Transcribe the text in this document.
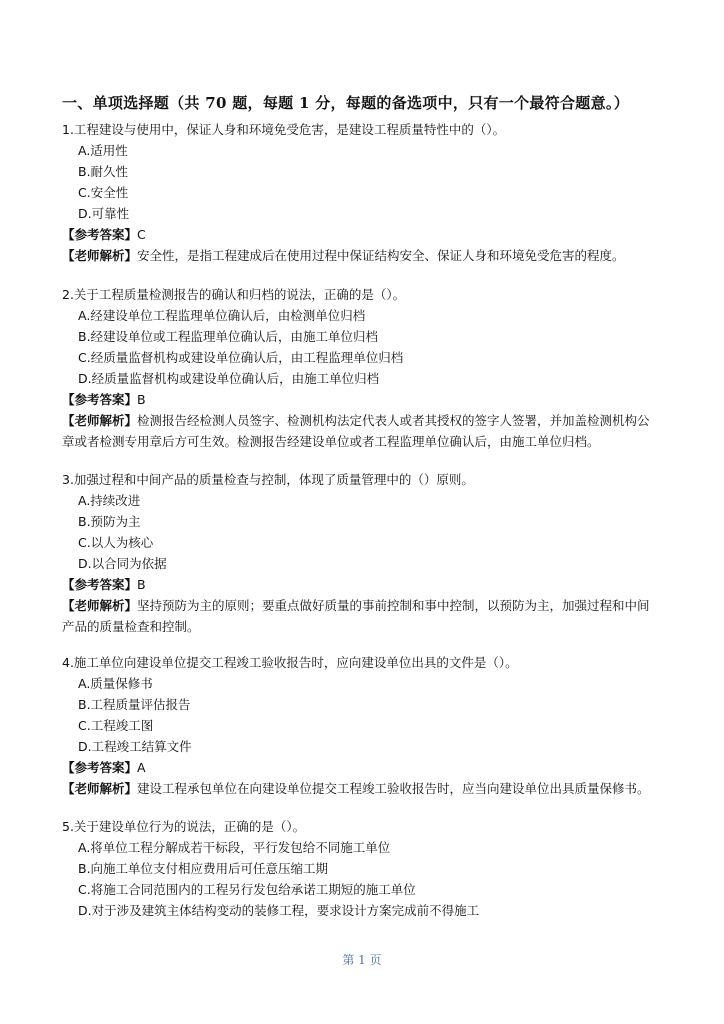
一、单项选择题（共 70 题，每题 1 分，每题的备选项中，只有一个最符合题意。）
1.工程建设与使用中，保证人身和环境免受危害，是建设工程质量特性中的（）。
A.适用性
B.耐久性
C.安全性
D.可靠性
【参考答案】C
【老师解析】安全性，是指工程建成后在使用过程中保证结构安全、保证人身和环境免受危害的程度。
2.关于工程质量检测报告的确认和归档的说法，正确的是（）。
A.经建设单位工程监理单位确认后，由检测单位归档
B.经建设单位或工程监理单位确认后，由施工单位归档
C.经质量监督机构或建设单位确认后，由工程监理单位归档
D.经质量监督机构或建设单位确认后，由施工单位归档
【参考答案】B
【老师解析】检测报告经检测人员签字、检测机构法定代表人或者其授权的签字人签署，并加盖检测机构公章或者检测专用章后方可生效。检测报告经建设单位或者工程监理单位确认后，由施工单位归档。
3.加强过程和中间产品的质量检查与控制，体现了质量管理中的（）原则。
A.持续改进
B.预防为主
C.以人为核心
D.以合同为依据
【参考答案】B
【老师解析】坚持预防为主的原则；要重点做好质量的事前控制和事中控制，以预防为主，加强过程和中间产品的质量检查和控制。
4.施工单位向建设单位提交工程竣工验收报告时，应向建设单位出具的文件是（）。
A.质量保修书
B.工程质量评估报告
C.工程竣工图
D.工程竣工结算文件
【参考答案】A
【老师解析】建设工程承包单位在向建设单位提交工程竣工验收报告时，应当向建设单位出具质量保修书。
5.关于建设单位行为的说法，正确的是（）。
A.将单位工程分解成若干标段，平行发包给不同施工单位
B.向施工单位支付相应费用后可任意压缩工期
C.将施工合同范围内的工程另行发包给承诺工期短的施工单位
D.对于涉及建筑主体结构变动的装修工程，要求设计方案完成前不得施工
第 1 页
